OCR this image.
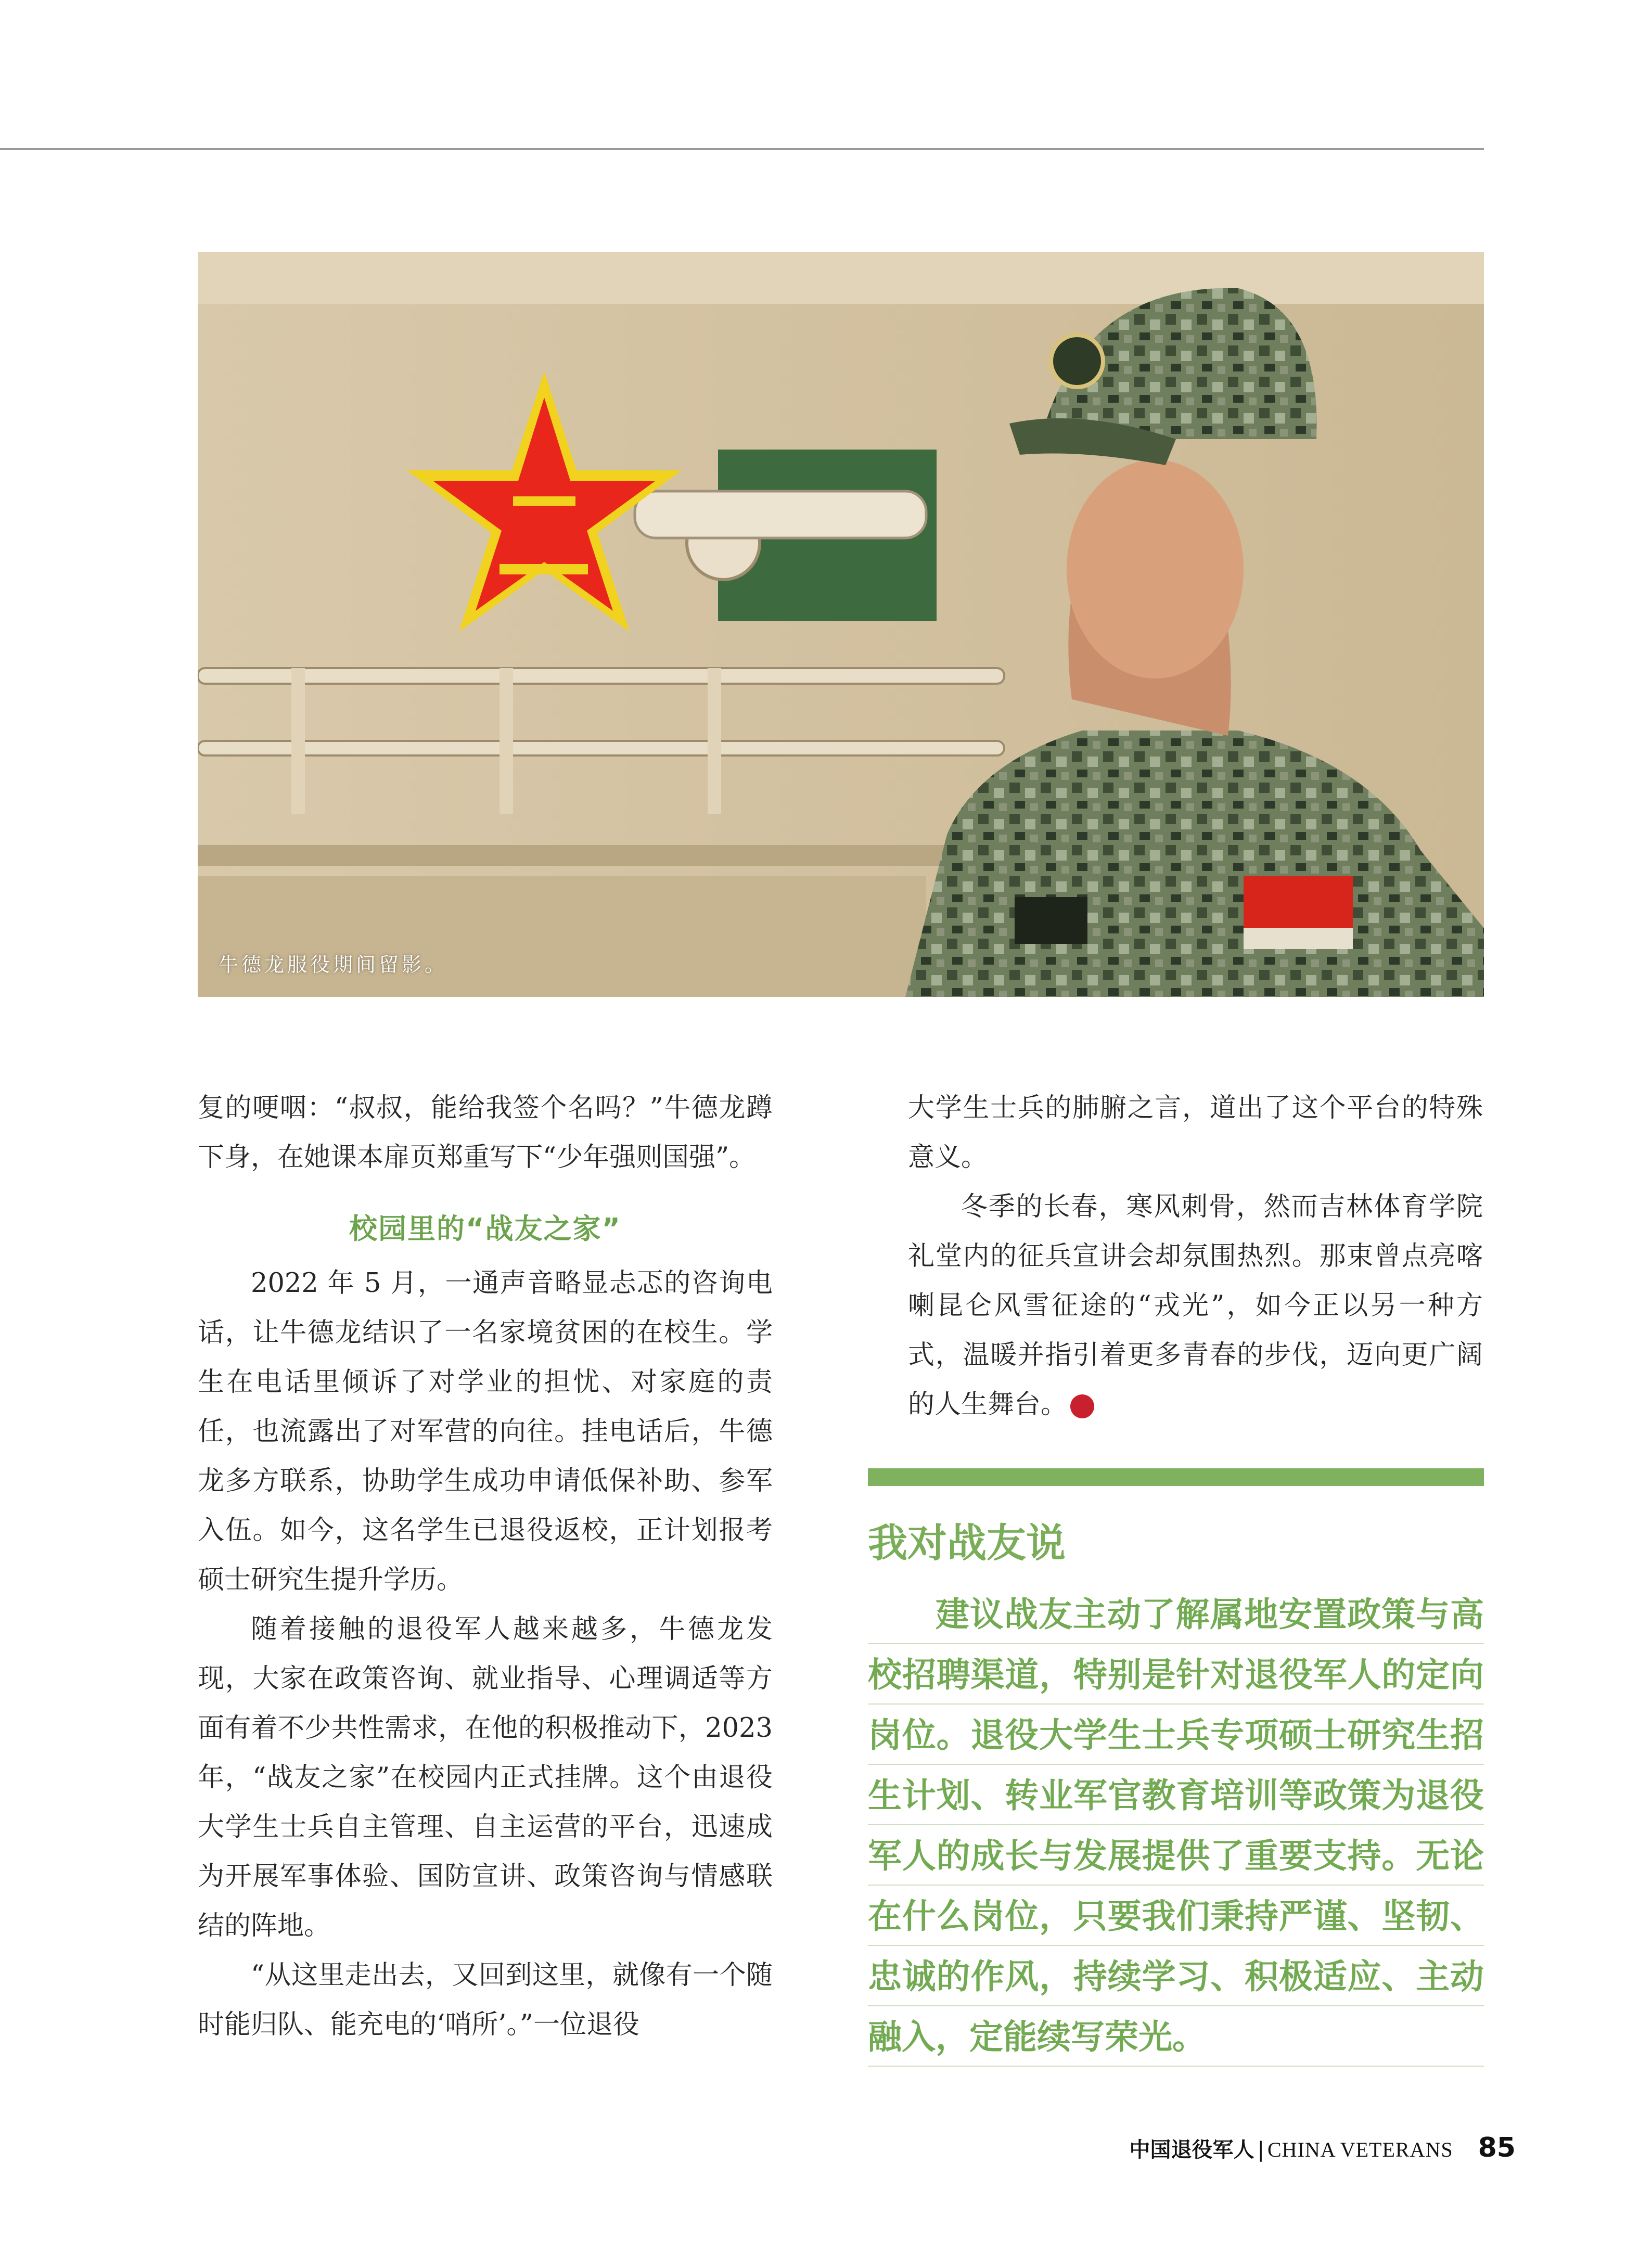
牛德龙服役期间留影。

复的哽咽：“叔叔，能给我签个名吗？”牛德龙蹲下身，在她课本扉页郑重写下“少年强则国强”。

校园里的“战友之家”

2022 年 5 月，一通声音略显忐忑的咨询电话，让牛德龙结识了一名家境贫困的在校生。学生在电话里倾诉了对学业的担忧、对家庭的责任，也流露出了对军营的向往。挂电话后，牛德龙多方联系，协助学生成功申请低保补助、参军入伍。如今，这名学生已退役返校，正计划报考硕士研究生提升学历。

随着接触的退役军人越来越多，牛德龙发现，大家在政策咨询、就业指导、心理调适等方面有着不少共性需求，在他的积极推动下，2023 年，“战友之家”在校园内正式挂牌。这个由退役大学生士兵自主管理、自主运营的平台，迅速成为开展军事体验、国防宣讲、政策咨询与情感联结的阵地。

“从这里走出去，又回到这里，就像有一个随时能归队、能充电的‘哨所’。”一位退役

大学生士兵的肺腑之言，道出了这个平台的特殊意义。

冬季的长春，寒风刺骨，然而吉林体育学院礼堂内的征兵宣讲会却氛围热烈。那束曾点亮喀喇昆仑风雪征途的“戎光”，如今正以另一种方式，温暖并指引着更多青春的步伐，迈向更广阔的人生舞台。	V

我对战友说
建议战友主动了解属地安置政策与高校招聘渠道，特别是针对退役军人的定向岗位。退役大学生士兵专项硕士研究生招生计划、转业军官教育培训等政策为退役军人的成长与发展提供了重要支持。无论在什么岗位，只要我们秉持严谨、坚韧、忠诚的作风，持续学习、积极适应、主动融入，定能续写荣光。
中国退役军人 | CHINA VETERANS 85
